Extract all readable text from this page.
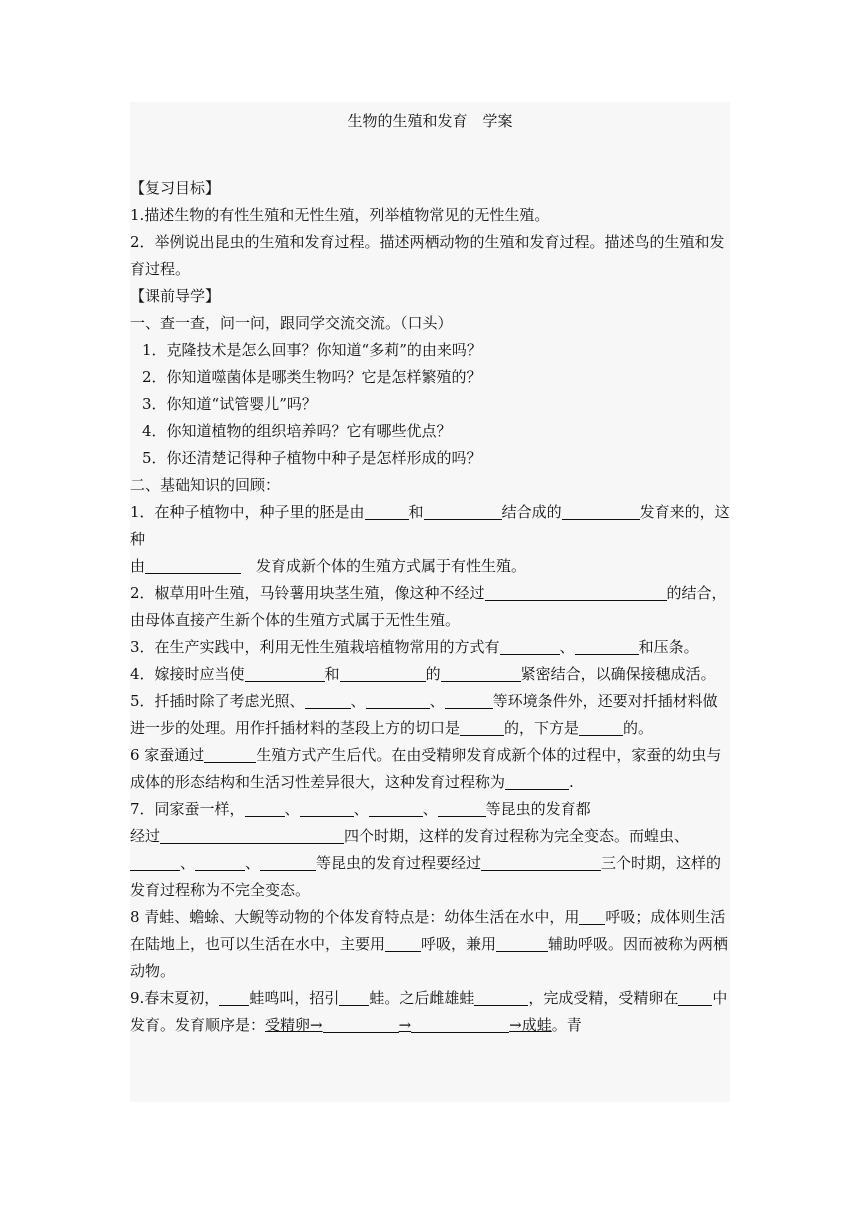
生物的生殖和发育　学案

【复习目标】

1.描述生物的有性生殖和无性生殖，列举植物常见的无性生殖。

2．举例说出昆虫的生殖和发育过程。描述两栖动物的生殖和发育过程。描述鸟的生殖和发育过程。

【课前导学】

一、查一查，问一问，跟同学交流交流。（口头）

1．克隆技术是怎么回事？你知道“多莉”的由来吗？

2．你知道噬菌体是哪类生物吗？它是怎样繁殖的？

3．你知道“试管婴儿”吗？

4．你知道植物的组织培养吗？它有哪些优点？

5．你还清楚记得种子植物中种子是怎样形成的吗？

二、基础知识的回顾：

1．在种子植物中，种子里的胚是由	和	结合成的	发育来的，这种

由	　发育成新个体的生殖方式属于有性生殖。

2．椒草用叶生殖，马铃薯用块茎生殖，像这种不经过	的结合，由母体直接产生新个体的生殖方式属于无性生殖。

3．在生产实践中，利用无性生殖栽培植物常用的方式有	、	和压条。

4．嫁接时应当使	和	的	紧密结合，以确保接穗成活。

5．扦插时除了考虑光照、	、	、	等环境条件外，还要对扦插材料做进一步的处理。用作扦插材料的茎段上方的切口是	的，下方是	的。

6 家蚕通过	生殖方式产生后代。在由受精卵发育成新个体的过程中，家蚕的幼虫与成体的形态结构和生活习性差异很大，这种发育过程称为	.

7．同家蚕一样，	、	、	、	等昆虫的发育都

经过	四个时期，这样的发育过程称为完全变态。而蝗虫、、	、	等昆虫的发育过程要经过	三个时期，这样的发育过程称为不完全变态。

8 青蛙、蟾蜍、大鲵等动物的个体发育特点是：幼体生活在水中，用 呼吸；成体则生活在陆地上，也可以生活在水中，主要用 呼吸，兼用	辅助呼吸。因而被称为两栖动物。

9.春末夏初， 蛙鸣叫，招引 蛙。之后雌雄蛙	，完成受精，受精卵在 中发育。发育顺序是：受精卵→	→	→成蛙。青
